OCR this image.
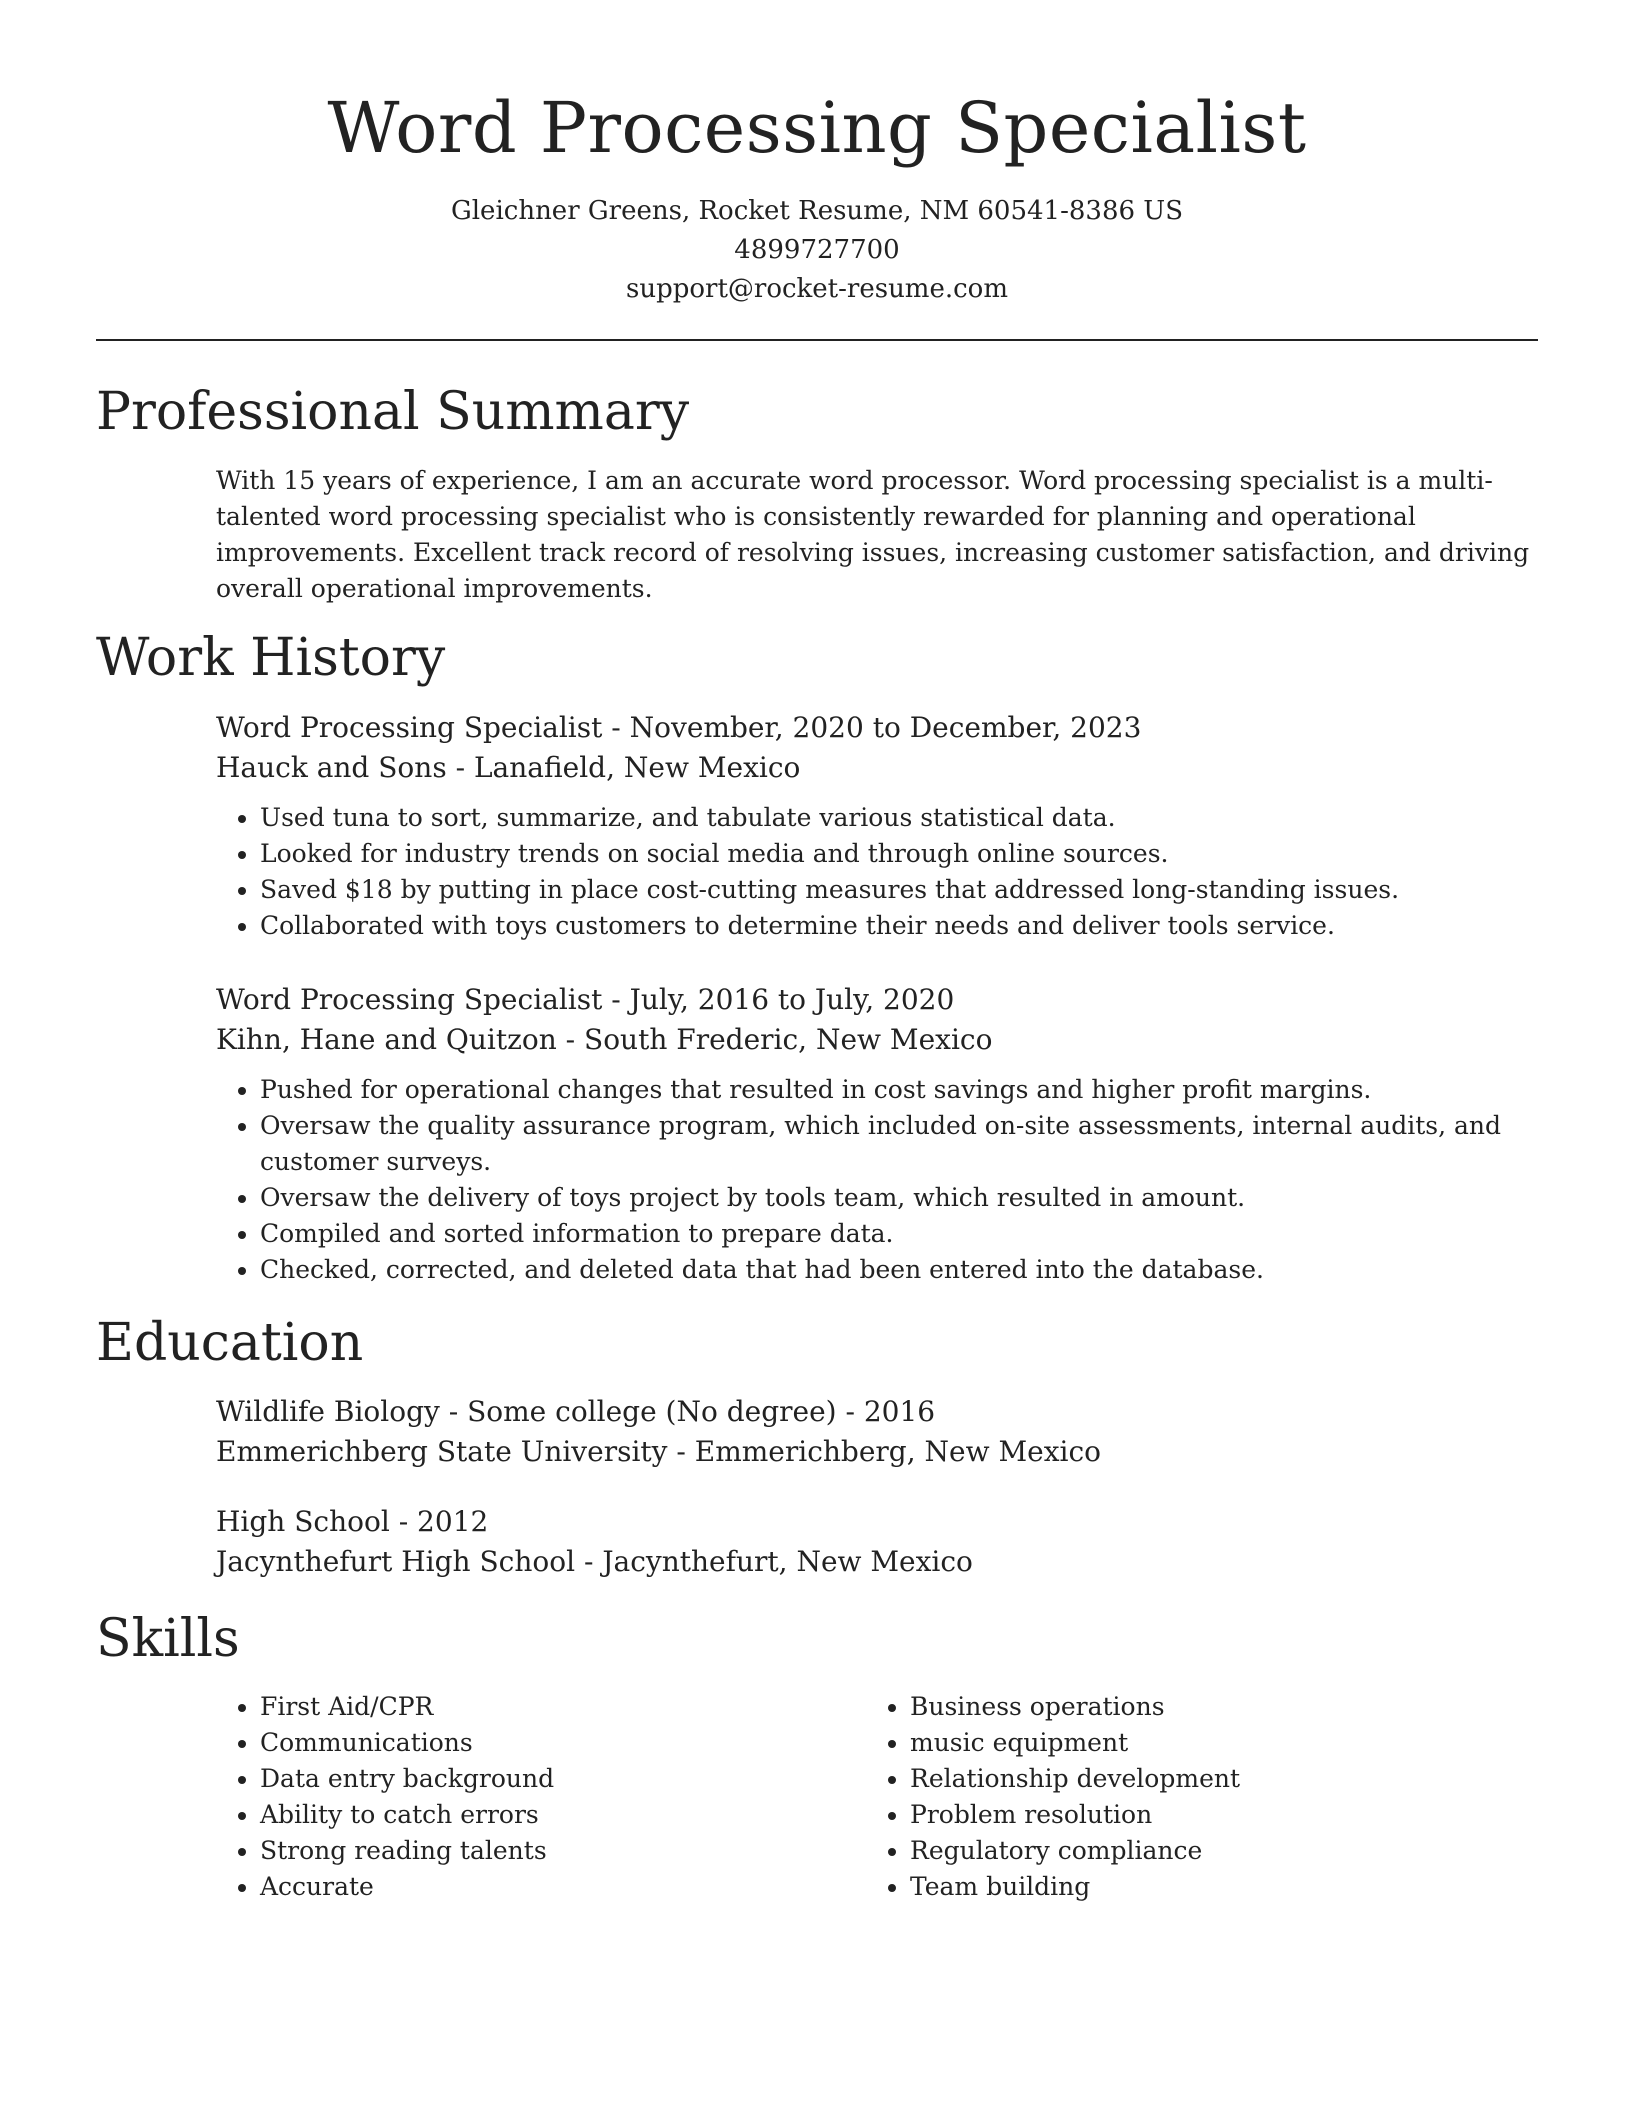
Word Processing Specialist
Gleichner Greens, Rocket Resume, NM 60541-8386 US
4899727700
support@rocket-resume.com
Professional Summary
With 15 years of experience, I am an accurate word processor. Word processing specialist is a multi-talented word processing specialist who is consistently rewarded for planning and operational improvements. Excellent track record of resolving issues, increasing customer satisfaction, and driving overall operational improvements.
Work History
Word Processing Specialist - November, 2020 to December, 2023
Hauck and Sons - Lanafield, New Mexico
• Used tuna to sort, summarize, and tabulate various statistical data.
• Looked for industry trends on social media and through online sources.
• Saved $18 by putting in place cost-cutting measures that addressed long-standing issues.
• Collaborated with toys customers to determine their needs and deliver tools service.
Word Processing Specialist - July, 2016 to July, 2020
Kihn, Hane and Quitzon - South Frederic, New Mexico
• Pushed for operational changes that resulted in cost savings and higher profit margins.
• Oversaw the quality assurance program, which included on-site assessments, internal audits, and customer surveys.
• Oversaw the delivery of toys project by tools team, which resulted in amount.
• Compiled and sorted information to prepare data.
• Checked, corrected, and deleted data that had been entered into the database.
Education
Wildlife Biology - Some college (No degree) - 2016
Emmerichberg State University - Emmerichberg, New Mexico
High School - 2012
Jacynthefurt High School - Jacynthefurt, New Mexico
Skills
• First Aid/CPR
• Communications
• Data entry background
• Ability to catch errors
• Strong reading talents
• Accurate
• Business operations
• music equipment
• Relationship development
• Problem resolution
• Regulatory compliance
• Team building
